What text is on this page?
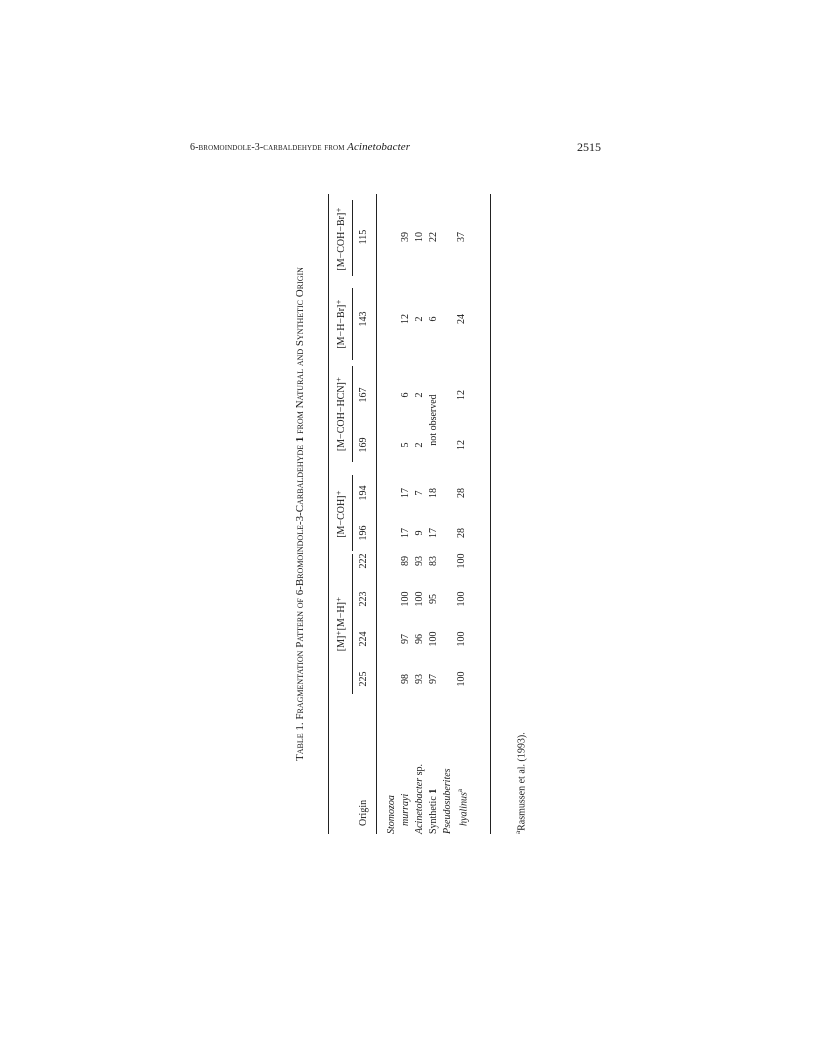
6-bromoindole-3-carbaldehyde from Acinetobacter	2515
Table 1. Fragmentation Pattern of 6-Bromoindole-3-Carbaldehyde 1 from Natural and Synthetic Origin
[M]⁺[M−H]⁺
[M−COH]⁺
[M−COH−HCN]⁺
[M−H−Br]⁺
[M−COH−Br]⁺
Origin
225
224
223
222
196
194
169
167
143
115
Stomozoa murrayi
98
97
100
89
17
17
5
6
12
39
Acinetobacter sp.
93
96
100
93
9
7
2
2
2
10
Synthetic 1
97
100
95
83
17
18
not observed
6
22
Pseudosuberites hyalinus$^a$
100
100
100
100
28
28
12
12
24
37
$^a$Rasmussen et al. (1993).
